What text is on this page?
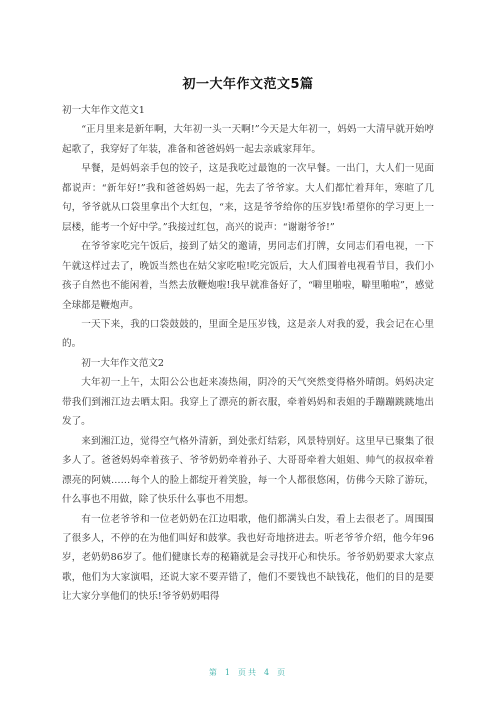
初一大年作文范文5篇

初一大年作文范文1

“正月里来是新年啊，大年初一头一天啊!”今天是大年初一，妈妈一大清早就开始哼起歌了，我穿好了年装，准备和爸爸妈妈一起去亲戚家拜年。

早餐，是妈妈亲手包的饺子，这是我吃过最饱的一次早餐。一出门，大人们一见面都说声：“新年好!”我和爸爸妈妈一起，先去了爷爷家。大人们都忙着拜年，寒暄了几句，爷爷就从口袋里拿出个大红包，“来，这是爷爷给你的压岁钱!希望你的学习更上一层楼，能考一个好中学。”我接过红包，高兴的说声：“谢谢爷爷!”

在爷爷家吃完午饭后，接到了姑父的邀请，男同志们打牌，女同志们看电视，一下午就这样过去了，晚饭当然也在姑父家吃啦!吃完饭后，大人们围着电视看节目，我们小孩子自然也不能闲着，当然去放鞭炮啦!我早就准备好了，“噼里啪啦，噼里啪啦”，感觉全球都是鞭炮声。

一天下来，我的口袋鼓鼓的，里面全是压岁钱，这是亲人对我的爱，我会记在心里的。

初一大年作文范文2

大年初一上午，太阳公公也赶来凑热闹，阴冷的天气突然变得格外晴朗。妈妈决定带我们到湘江边去晒太阳。我穿上了漂亮的新衣服，牵着妈妈和表姐的手蹦蹦跳跳地出发了。

来到湘江边，觉得空气格外清新，到处张灯结彩，风景特别好。这里早已聚集了很多人了。爸爸妈妈牵着孩子、爷爷奶奶牵着孙子、大哥哥牵着大姐姐、帅气的叔叔牵着漂亮的阿姨……每个人的脸上都绽开着笑脸，每一个人都很悠闲，仿佛今天除了游玩，什么事也不用做，除了快乐什么事也不用想。

有一位老爷爷和一位老奶奶在江边唱歌，他们都满头白发，看上去很老了。周围围了很多人，不停的在为他们叫好和鼓掌。我也好奇地挤进去。听老爷爷介绍，他今年96岁，老奶奶86岁了。他们健康长寿的秘籍就是会寻找开心和快乐。爷爷奶奶要求大家点歌，他们为大家演唱，还说大家不要弄错了，他们不要钱也不缺钱花，他们的目的是要让大家分享他们的快乐!爷爷奶奶唱得

第 1 页共 4 页
